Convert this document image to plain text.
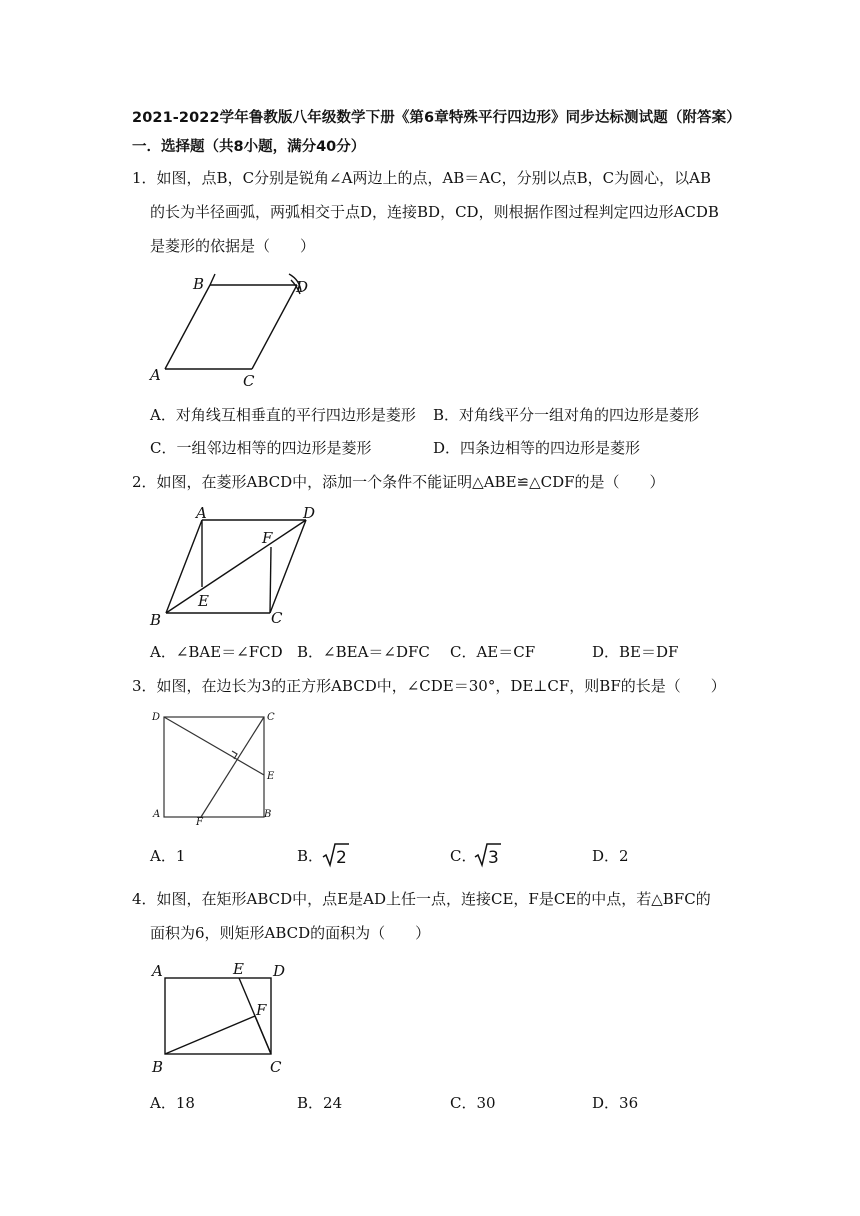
2021-2022学年鲁教版八年级数学下册《第6章特殊平行四边形》同步达标测试题（附答案）
一．选择题（共8小题，满分40分）
1．如图，点B，C分别是锐角∠A两边上的点，AB＝AC，分别以点B，C为圆心，以AB
的长为半径画弧，两弧相交于点D，连接BD，CD，则根据作图过程判定四边形ACDB
是菱形的依据是（　　）
B	D
A	C
A．对角线互相垂直的平行四边形是菱形 B．对角线平分一组对角的四边形是菱形
C．一组邻边相等的四边形是菱形	D．四条边相等的四边形是菱形
2．如图，在菱形ABCD中，添加一个条件不能证明△ABE≌△CDF的是（　　）
A	D
F
E
B	C
A．∠BAE＝∠FCD B．∠BEA＝∠DFC C．AE＝CF	D．BE＝DF
3．如图，在边长为3的正方形ABCD中，∠CDE＝30°，DE⊥CF，则BF的长是（　　）
D	C
E
A
F
B
A．1	B． 2	C． 3	D．2
4．如图，在矩形ABCD中，点E是AD上任一点，连接CE，F是CE的中点，若△BFC的
面积为6，则矩形ABCD的面积为（　　）
A	E D
F
B	C
A．18	B．24	C．30	D．36
